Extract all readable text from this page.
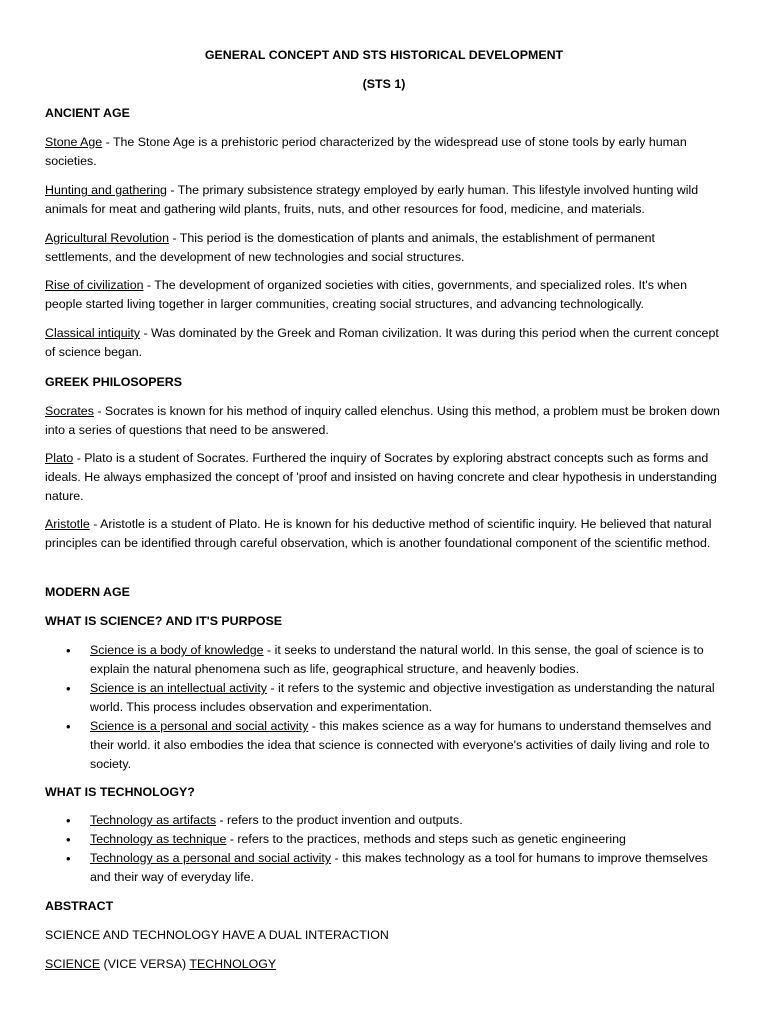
GENERAL CONCEPT AND STS HISTORICAL DEVELOPMENT
(STS 1)
ANCIENT AGE
Stone Age - The Stone Age is a prehistoric period characterized by the widespread use of stone tools by early human societies.
Hunting and gathering - The primary subsistence strategy employed by early human. This lifestyle involved hunting wild animals for meat and gathering wild plants, fruits, nuts, and other resources for food, medicine, and materials.
Agricultural Revolution - This period is the domestication of plants and animals, the establishment of permanent settlements, and the development of new technologies and social structures.
Rise of civilization - The development of organized societies with cities, governments, and specialized roles. It's when people started living together in larger communities, creating social structures, and advancing technologically.
Classical intiquity - Was dominated by the Greek and Roman civilization. It was during this period when the current concept of science began.
GREEK PHILOSOPERS
Socrates - Socrates is known for his method of inquiry called elenchus. Using this method, a problem must be broken down into a series of questions that need to be answered.
Plato - Plato is a student of Socrates. Furthered the inquiry of Socrates by exploring abstract concepts such as forms and ideals. He always emphasized the concept of 'proof and insisted on having concrete and clear hypothesis in understanding nature.
Aristotle - Aristotle is a student of Plato. He is known for his deductive method of scientific inquiry. He believed that natural principles can be identified through careful observation, which is another foundational component of the scientific method.
MODERN AGE
WHAT IS SCIENCE? AND IT'S PURPOSE
• Science is a body of knowledge - it seeks to understand the natural world. In this sense, the goal of science is to explain the natural phenomena such as life, geographical structure, and heavenly bodies.
• Science is an intellectual activity - it refers to the systemic and objective investigation as understanding the natural world. This process includes observation and experimentation.
• Science is a personal and social activity - this makes science as a way for humans to understand themselves and their world. it also embodies the idea that science is connected with everyone's activities of daily living and role to society.
WHAT IS TECHNOLOGY?
• Technology as artifacts - refers to the product invention and outputs.
• Technology as technique - refers to the practices, methods and steps such as genetic engineering
• Technology as a personal and social activity - this makes technology as a tool for humans to improve themselves and their way of everyday life.
ABSTRACT
SCIENCE AND TECHNOLOGY HAVE A DUAL INTERACTION
SCIENCE (VICE VERSA) TECHNOLOGY
